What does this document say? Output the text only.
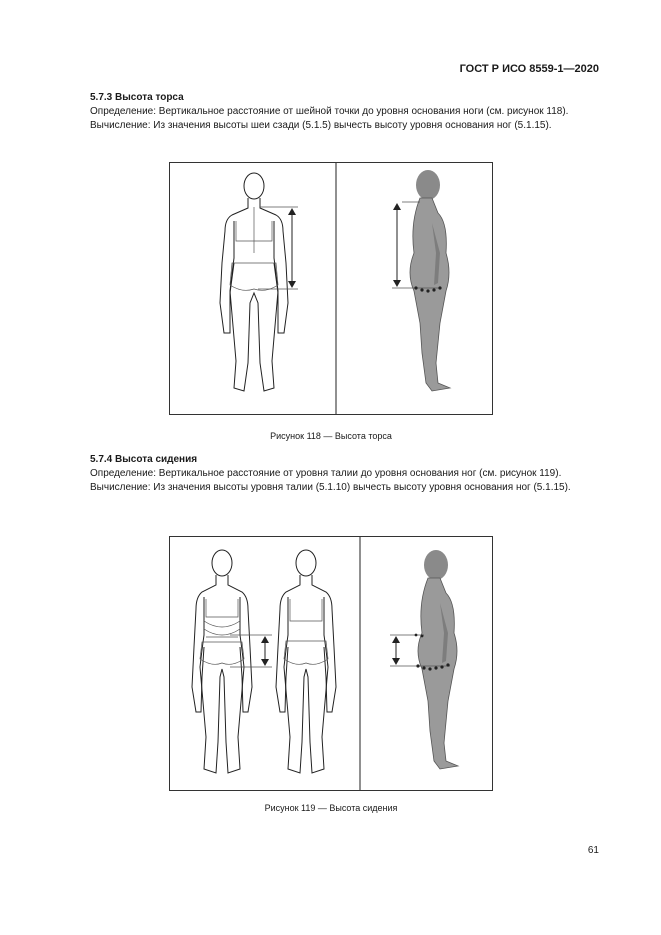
ГОСТ Р ИСО 8559-1—2020
5.7.3 Высота торса
Определение: Вертикальное расстояние от шейной точки до уровня основания ноги (см. рисунок 118).
Вычисление: Из значения высоты шеи сзади (5.1.5) вычесть высоту уровня основания ног (5.1.15).
Рисунок 118 — Высота торса
5.7.4 Высота сидения
Определение: Вертикальное расстояние от уровня талии до уровня основания ног (см. рисунок 119).
Вычисление: Из значения высоты уровня талии (5.1.10) вычесть высоту уровня основания ног (5.1.15).
Рисунок 119 — Высота сидения
61
